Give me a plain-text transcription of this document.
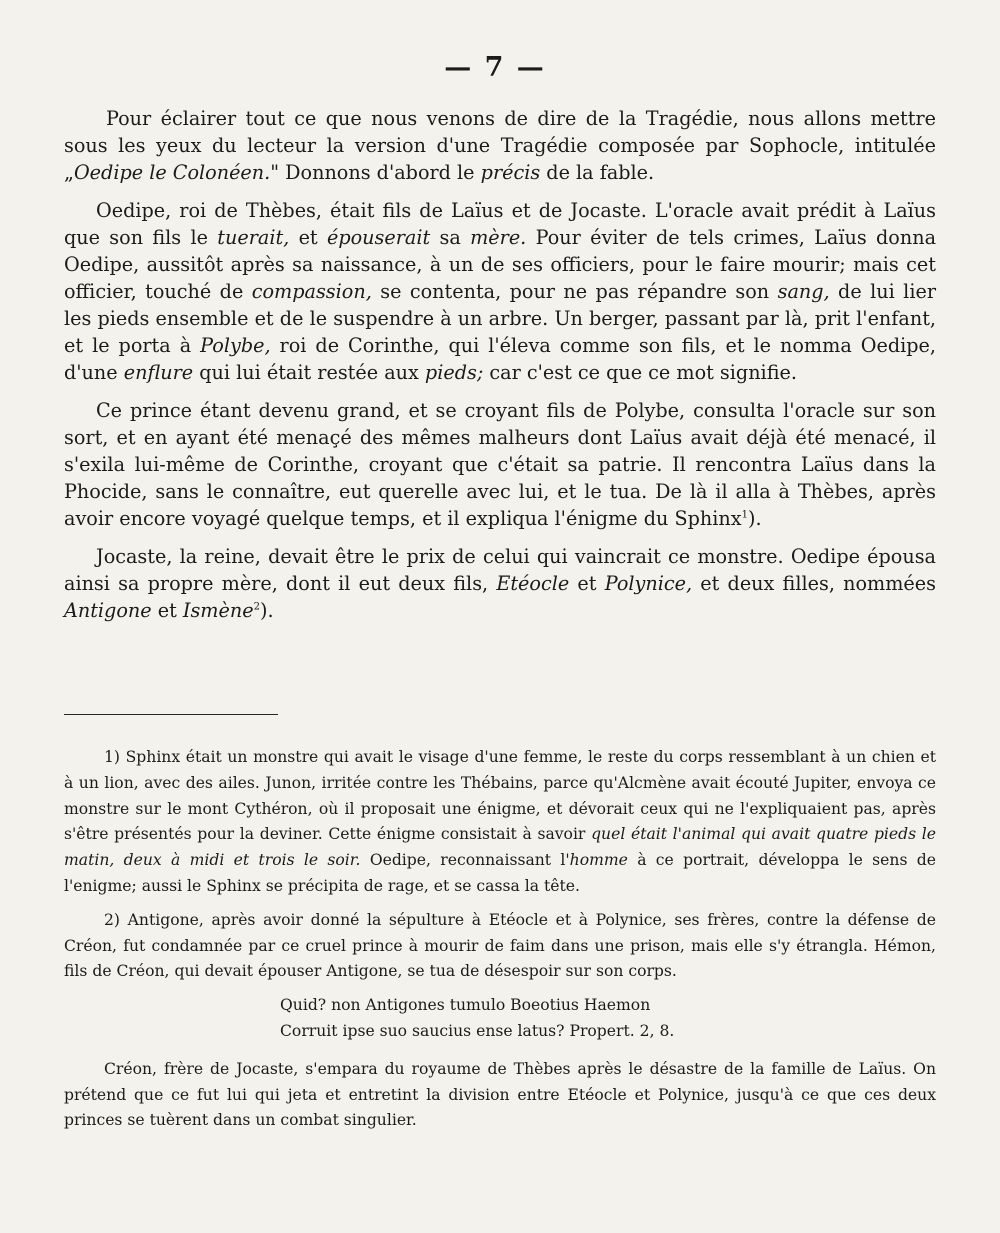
— 7 —

Pour éclairer tout ce que nous venons de dire de la Tragédie, nous allons mettre sous les yeux du lecteur la version d'une Tragédie composée par Sophocle, intitulée „Oedipe le Colonéen." Donnons d'abord le précis de la fable.

Oedipe, roi de Thèbes, était fils de Laïus et de Jocaste. L'oracle avait prédit à Laïus que son fils le tuerait, et épouserait sa mère. Pour éviter de tels crimes, Laïus donna Oedipe, aussitôt après sa naissance, à un de ses officiers, pour le faire mourir; mais cet officier, touché de compassion, se contenta, pour ne pas répandre son sang, de lui lier les pieds ensemble et de le suspendre à un arbre. Un berger, passant par là, prit l'enfant, et le porta à Polybe, roi de Corinthe, qui l'éleva comme son fils, et le nomma Oedipe, d'une enflure qui lui était restée aux pieds; car c'est ce que ce mot signifie.

Ce prince étant devenu grand, et se croyant fils de Polybe, consulta l'oracle sur son sort, et en ayant été menaçé des mêmes malheurs dont Laïus avait déjà été menacé, il s'exila lui-même de Corinthe, croyant que c'était sa patrie. Il rencontra Laïus dans la Phocide, sans le connaître, eut querelle avec lui, et le tua. De là il alla à Thèbes, après avoir encore voyagé quelque temps, et il expliqua l'énigme du Sphinx$^1$).

Jocaste, la reine, devait être le prix de celui qui vaincrait ce monstre. Oedipe épousa ainsi sa propre mère, dont il eut deux fils, Etéocle et Polynice, et deux filles, nommées Antigone et Ismène$^2$).

1) Sphinx était un monstre qui avait le visage d'une femme, le reste du corps ressemblant à un chien et à un lion, avec des ailes. Junon, irritée contre les Thébains, parce qu'Alcmène avait écouté Jupiter, envoya ce monstre sur le mont Cythéron, où il proposait une énigme, et dévorait ceux qui ne l'expliquaient pas, après s'être présentés pour la deviner. Cette énigme consistait à savoir quel était l'animal qui avait quatre pieds le matin, deux à midi et trois le soir. Oedipe, reconnaissant l'homme à ce portrait, développa le sens de l'enigme; aussi le Sphinx se précipita de rage, et se cassa la tête.

2) Antigone, après avoir donné la sépulture à Etéocle et à Polynice, ses frères, contre la défense de Créon, fut condamnée par ce cruel prince à mourir de faim dans une prison, mais elle s'y étrangla. Hémon, fils de Créon, qui devait épouser Antigone, se tua de désespoir sur son corps.

Quid? non Antigones tumulo Boeotius Haemon
Corruit ipse suo saucius ense latus? Propert. 2, 8.

Créon, frère de Jocaste, s'empara du royaume de Thèbes après le désastre de la famille de Laïus. On prétend que ce fut lui qui jeta et entretint la division entre Etéocle et Polynice, jusqu'à ce que ces deux princes se tuèrent dans un combat singulier.
